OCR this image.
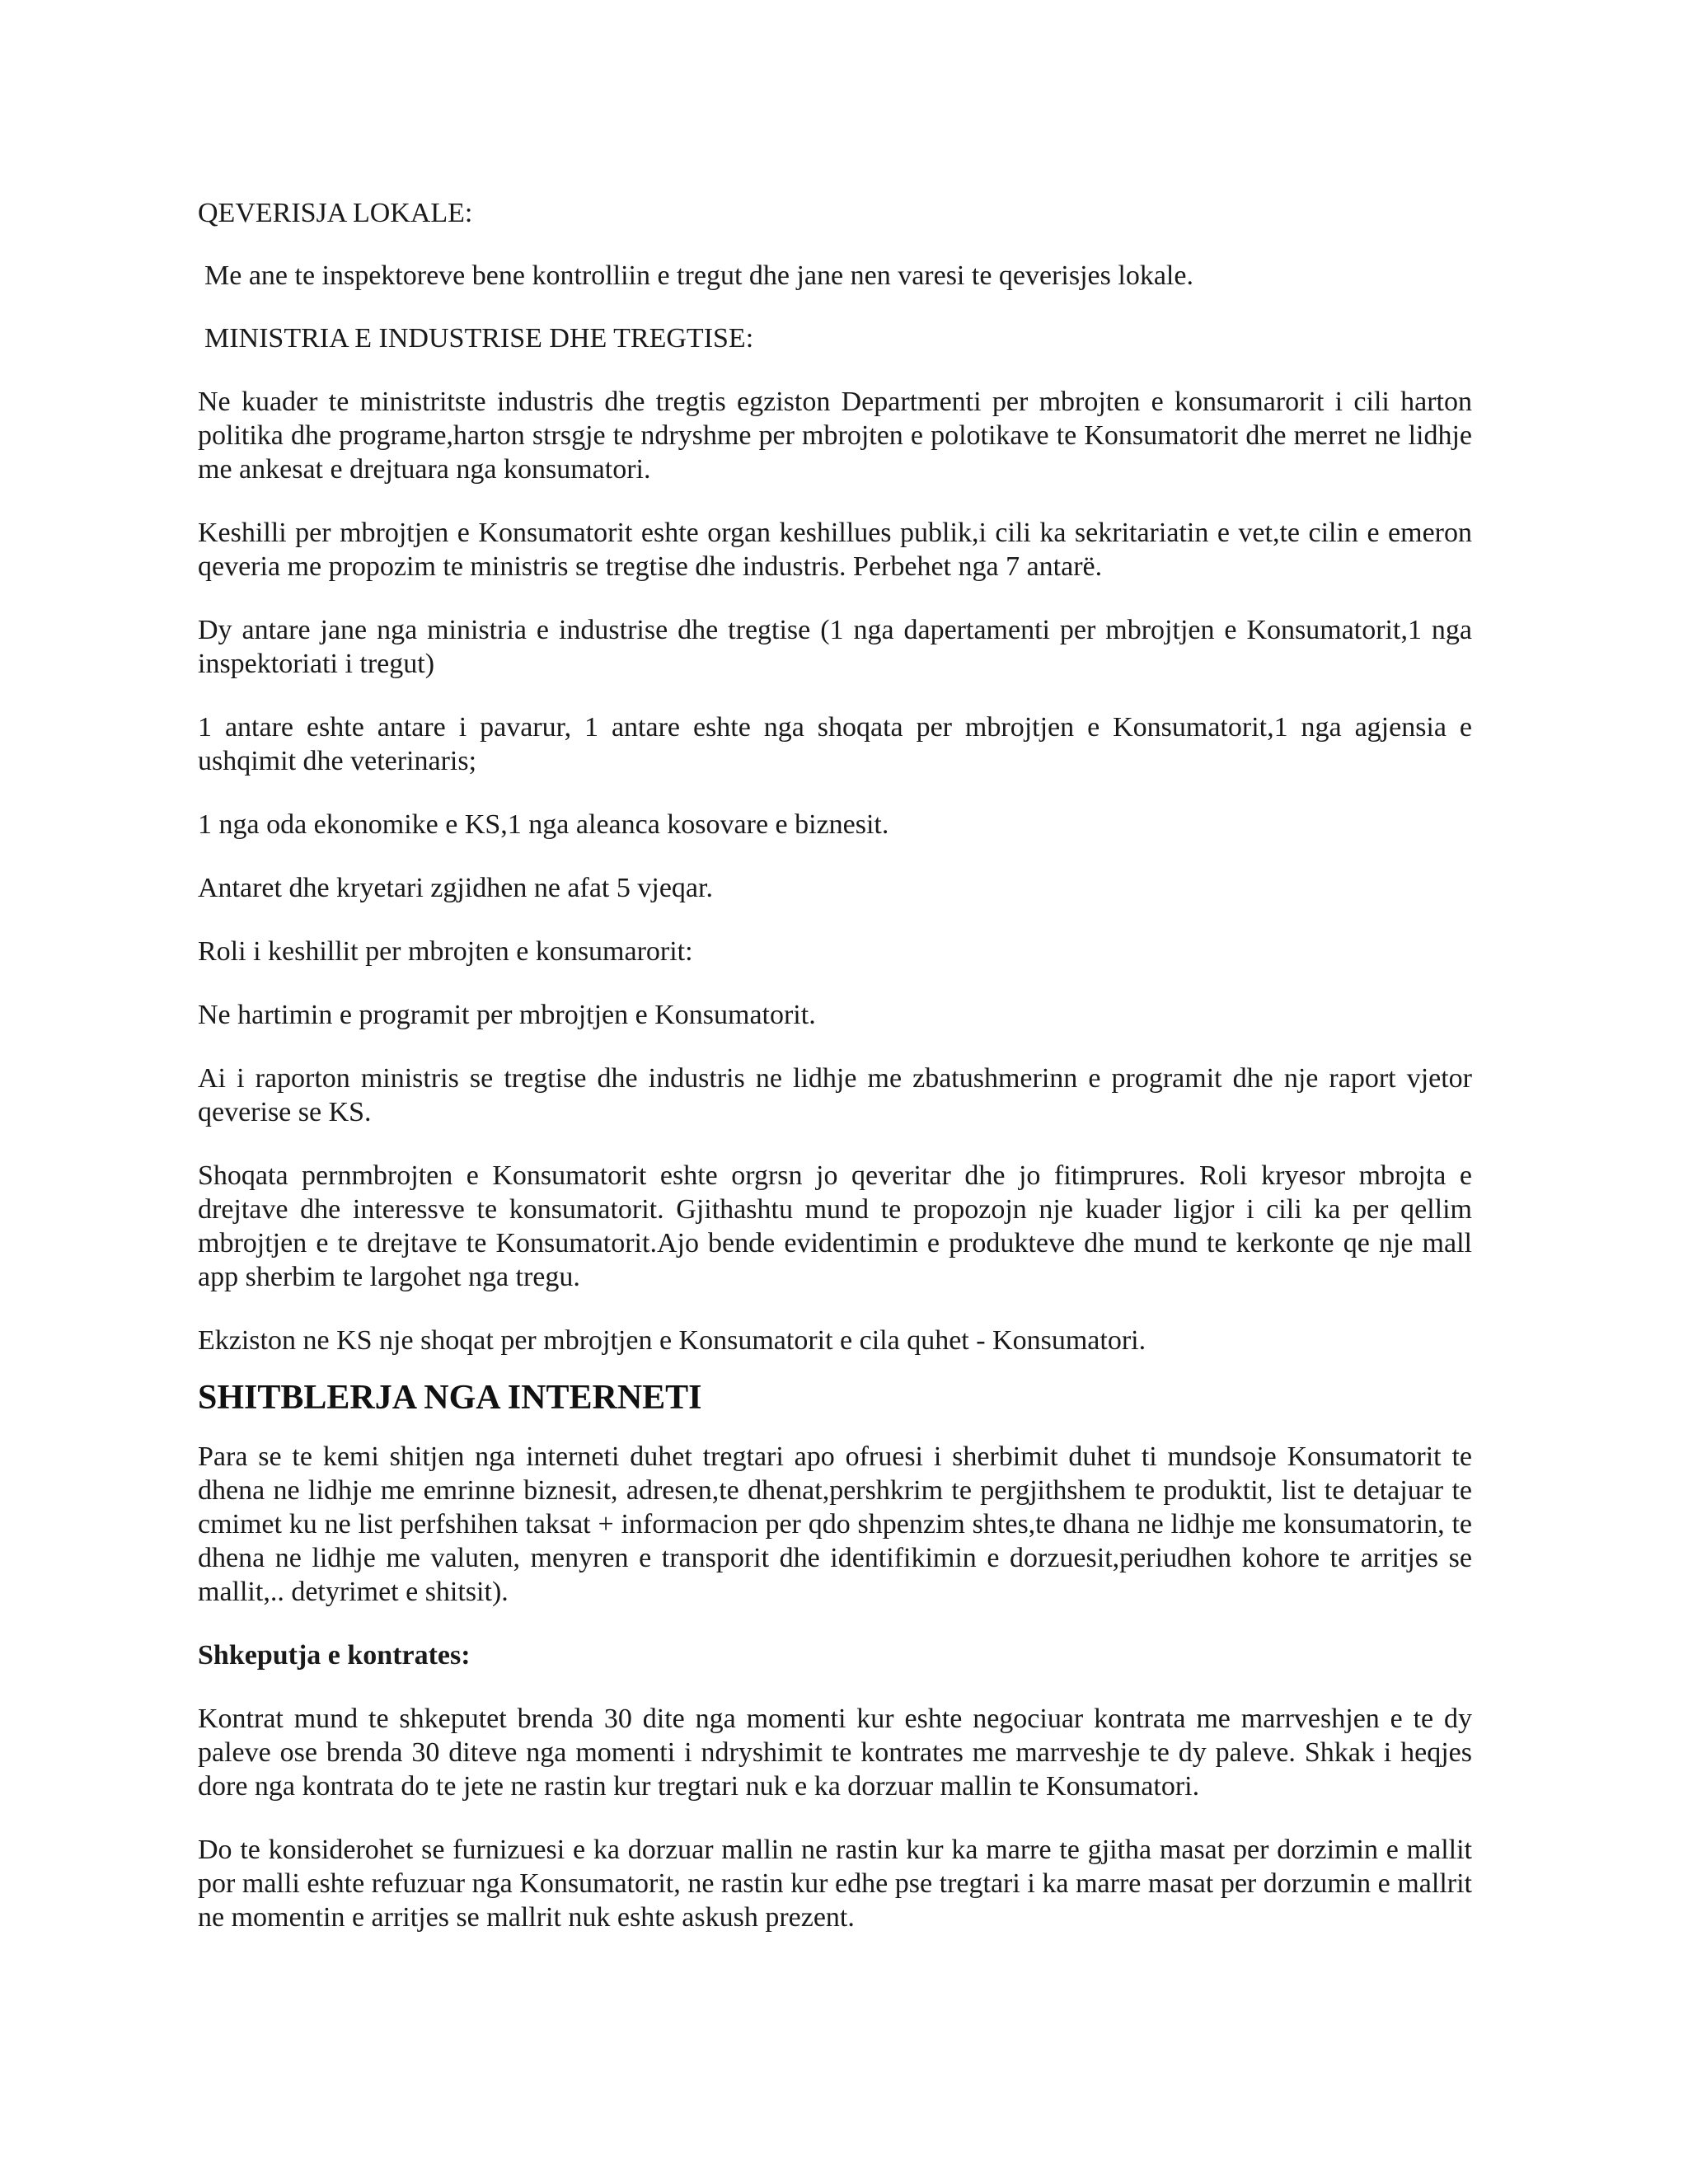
QEVERISJA LOKALE:

Me ane te inspektoreve bene kontrolliin e tregut dhe jane nen varesi te qeverisjes lokale.

MINISTRIA E INDUSTRISE DHE TREGTISE:

Ne kuader te ministritste industris dhe tregtis egziston Departmenti per mbrojten e konsumarorit i cili harton politika dhe programe,harton strsgje te ndryshme per mbrojten e polotikave te Konsumatorit dhe merret ne lidhje me ankesat e drejtuara nga konsumatori.

Keshilli per mbrojtjen e Konsumatorit eshte organ keshillues publik,i cili ka sekritariatin e vet,te cilin e emeron qeveria me propozim te ministris se tregtise dhe industris. Perbehet nga 7 antarë.

Dy antare jane nga ministria e industrise dhe tregtise (1 nga dapertamenti per mbrojtjen e Konsumatorit,1 nga inspektoriati i tregut)

1 antare eshte antare i pavarur, 1 antare eshte nga shoqata per mbrojtjen e Konsumatorit,1 nga agjensia e ushqimit dhe veterinaris;

1 nga oda ekonomike e KS,1 nga aleanca kosovare e biznesit.

Antaret dhe kryetari zgjidhen ne afat 5 vjeqar.

Roli i keshillit per mbrojten e konsumarorit:

Ne hartimin e programit per mbrojtjen e Konsumatorit.

Ai i raporton ministris se tregtise dhe industris ne lidhje me zbatushmerinn e programit dhe nje raport vjetor qeverise se KS.

Shoqata pernmbrojten e Konsumatorit eshte orgrsn jo qeveritar dhe jo fitimprures. Roli kryesor mbrojta e drejtave dhe interessve te konsumatorit. Gjithashtu mund te propozojn nje kuader ligjor i cili ka per qellim mbrojtjen e te drejtave te Konsumatorit.Ajo bende evidentimin e produkteve dhe mund te kerkonte qe nje mall app sherbim te largohet nga tregu.

Ekziston ne KS nje shoqat per mbrojtjen e Konsumatorit e cila quhet - Konsumatori.

SHITBLERJA NGA INTERNETI

Para se te kemi shitjen nga interneti duhet tregtari apo ofruesi i sherbimit duhet ti mundsoje Konsumatorit te dhena ne lidhje me emrinne biznesit, adresen,te dhenat,pershkrim te pergjithshem te produktit, list te detajuar te cmimet ku ne list perfshihen taksat + informacion per qdo shpenzim shtes,te dhana ne lidhje me konsumatorin, te dhena ne lidhje me valuten, menyren e transporit dhe identifikimin e dorzuesit,periudhen kohore te arritjes se mallit,.. detyrimet e shitsit).

Shkeputja e kontrates:

Kontrat mund te shkeputet brenda 30 dite nga momenti kur eshte negociuar kontrata me marrveshjen e te dy paleve ose brenda 30 diteve nga momenti i ndryshimit te kontrates me marrveshje te dy paleve. Shkak i heqjes dore nga kontrata do te jete ne rastin kur tregtari nuk e ka dorzuar mallin te Konsumatori.

Do te konsiderohet se furnizuesi e ka dorzuar mallin ne rastin kur ka marre te gjitha masat per dorzimin e mallit por malli eshte refuzuar nga Konsumatorit, ne rastin kur edhe pse tregtari i ka marre masat per dorzumin e mallrit ne momentin e arritjes se mallrit nuk eshte askush prezent.
